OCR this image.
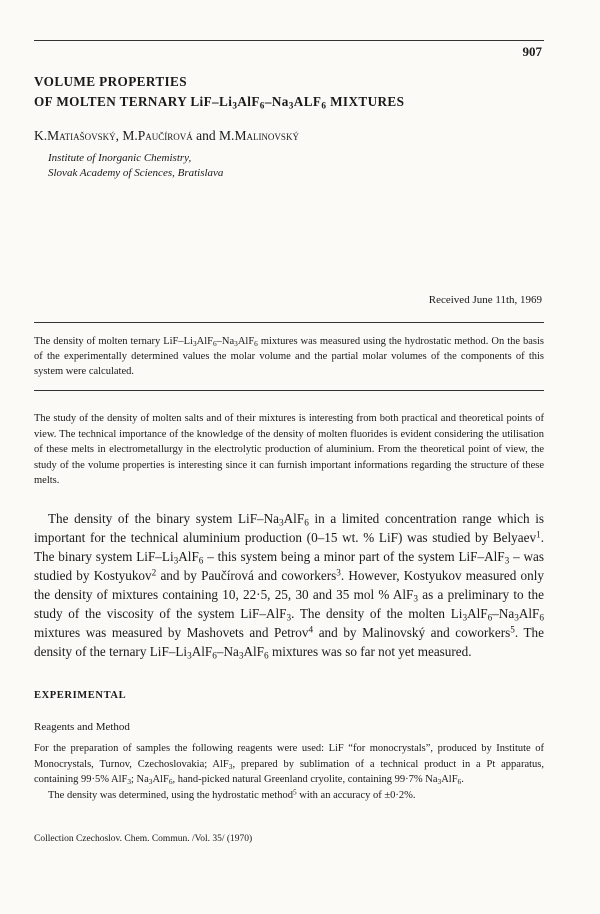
907
VOLUME PROPERTIES
OF MOLTEN TERNARY LiF–$Li_3AlF_6-Na_3ALF_6$ MIXTURES
K.Matiašovský, M.Paučírová and M.Malinovský
Institute of Inorganic Chemistry,
Slovak Academy of Sciences, Bratislava
Received June 11th, 1969
The density of molten ternary LiF–$Li_3AlF_6-Na_3AlF_6$ mixtures was measured using the hydrostatic method. On the basis of the experimentally determined values the molar volume and the partial molar volumes of the components of this system were calculated.
The study of the density of molten salts and of their mixtures is interesting from both practical and theoretical points of view. The technical importance of the knowledge of the density of molten fluorides is evident considering the utilisation of these melts in electrometallurgy in the electrolytic production of aluminium. From the theoretical point of view, the study of the volume properties is interesting since it can furnish important informations regarding the structure of these melts.

The density of the binary system LiF–$Na_3AlF_6$ in a limited concentration range which is important for the technical aluminium production (0–15 wt. % LiF) was studied by Belyaev$^1$. The binary system LiF–$Li_3AlF_6$ – this system being a minor part of the system LiF–AlF$_3$ – was studied by Kostyukov$^2$ and by Paučírová and coworkers$^3$. However, Kostyukov measured only the density of mixtures containing 10, 22·5, 25, 30 and 35 mol % AlF$_3$ as a preliminary to the study of the viscosity of the system LiF–AlF$_3$. The density of the molten $Li_3AlF_6-Na_3AlF_6$ mixtures was measured by Mashovets and Petrov$^4$ and by Malinovský and coworkers$^5$. The density of the ternary LiF–$Li_3AlF_6-Na_3AlF_6$ mixtures was so far not yet measured.

EXPERIMENTAL
Reagents and Method

For the preparation of samples the following reagents were used: LiF “for monocrystals”, produced by Institute of Monocrystals, Turnov, Czechoslovakia; AlF$_3$, prepared by sublimation of a technical product in a Pt apparatus, containing 99·5% AlF$_3$; $Na_3AlF_6$, hand-picked natural Greenland cryolite, containing 99·7% $Na_3AlF_6$.

The density was determined, using the hydrostatic method$^5$ with an accuracy of ±0·2%.

Collection Czechoslov. Chem. Commun. /Vol. 35/ (1970)
